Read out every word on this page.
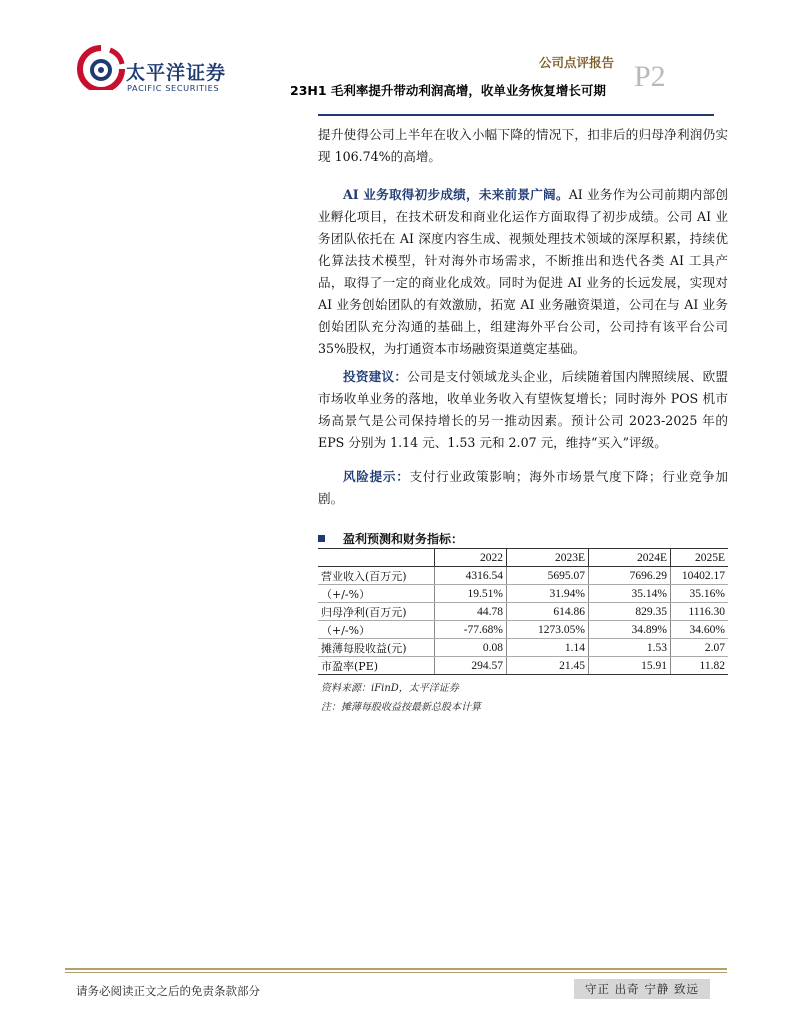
太平洋证券
PACIFIC SECURITIES
公司点评报告
23H1 毛利率提升带动利润高增，收单业务恢复增长可期 P2

提升使得公司上半年在收入小幅下降的情况下，扣非后的归母净利润仍实现 106.74%的高增。

AI 业务取得初步成绩，未来前景广阔。AI 业务作为公司前期内部创业孵化项目，在技术研发和商业化运作方面取得了初步成绩。公司 AI 业务团队依托在 AI 深度内容生成、视频处理技术领域的深厚积累，持续优化算法技术模型，针对海外市场需求，不断推出和迭代各类 AI 工具产品，取得了一定的商业化成效。同时为促进 AI 业务的长远发展，实现对 AI 业务创始团队的有效激励，拓宽 AI 业务融资渠道，公司在与 AI 业务创始团队充分沟通的基础上，组建海外平台公司，公司持有该平台公司 35%股权，为打通资本市场融资渠道奠定基础。

投资建议：公司是支付领域龙头企业，后续随着国内牌照续展、欧盟市场收单业务的落地，收单业务收入有望恢复增长；同时海外 POS 机市场高景气是公司保持增长的另一推动因素。预计公司 2023-2025 年的 EPS 分别为 1.14 元、1.53 元和 2.07 元，维持“买入”评级。

风险提示：支付行业政策影响；海外市场景气度下降；行业竞争加剧。

盈利预测和财务指标：
	2022	2023E	2024E	2025E
营业收入(百万元)	4316.54	5695.07	7696.29	10402.17
（+/-%）	19.51%	31.94%	35.14%	35.16%
归母净利(百万元)	44.78	614.86	829.35	1116.30
（+/-%）	-77.68%	1273.05%	34.89%	34.60%
摊薄每股收益(元)	0.08	1.14	1.53	2.07
市盈率(PE)	294.57	21.45	15.91	11.82
资料来源：iFinD，太平洋证券
注：摊薄每股收益按最新总股本计算
请务必阅读正文之后的免责条款部分	守正 出奇 宁静 致远
